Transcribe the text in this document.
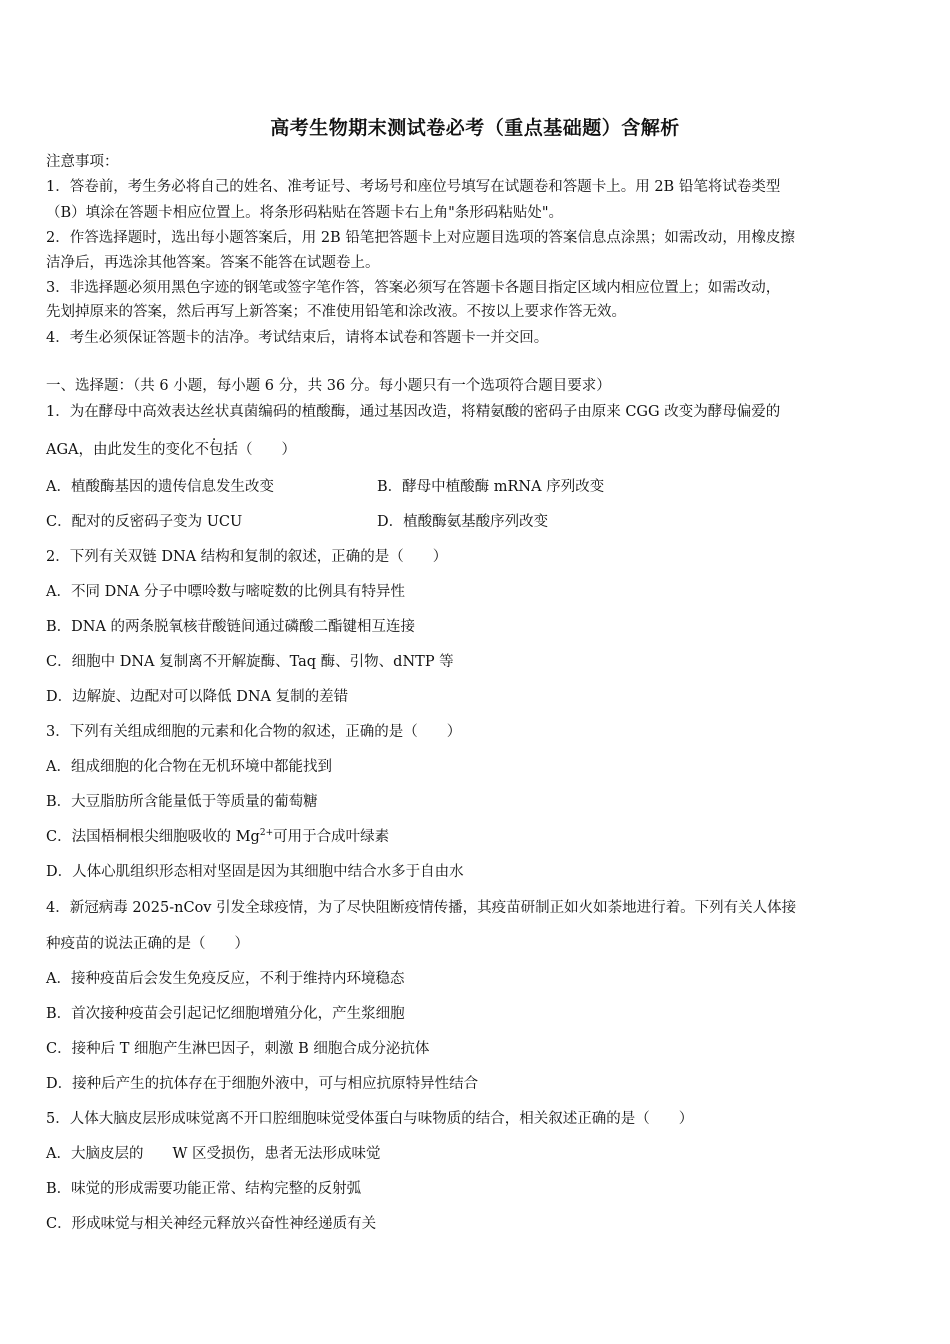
高考生物期末测试卷必考（重点基础题）含解析
注意事项：
1．答卷前，考生务必将自己的姓名、准考证号、考场号和座位号填写在试题卷和答题卡上。用 2B 铅笔将试卷类型
（B）填涂在答题卡相应位置上。将条形码粘贴在答题卡右上角"条形码粘贴处"。
2．作答选择题时，选出每小题答案后，用 2B 铅笔把答题卡上对应题目选项的答案信息点涂黑；如需改动，用橡皮擦
洁净后，再选涂其他答案。答案不能答在试题卷上。
3．非选择题必须用黑色字迹的钢笔或签字笔作答，答案必须写在答题卡各题目指定区域内相应位置上；如需改动，
先划掉原来的答案，然后再写上新答案；不准使用铅笔和涂改液。不按以上要求作答无效。
4．考生必须保证答题卡的洁净。考试结束后，请将本试卷和答题卡一并交回。
一、选择题：（共 6 小题，每小题 6 分，共 36 分。每小题只有一个选项符合题目要求）
1．为在酵母中高效表达丝状真菌编码的植酸酶，通过基因改造，将精氨酸的密码子由原来 CGG 改变为酵母偏爱的
AGA，由此发生的变化不包括（　　）
A．植酸酶基因的遗传信息发生改变	B．酵母中植酸酶 mRNA 序列改变
C．配对的反密码子变为 UCU	D．植酸酶氨基酸序列改变
2．下列有关双链 DNA 结构和复制的叙述，正确的是（　　）
A．不同 DNA 分子中嘌呤数与嘧啶数的比例具有特异性
B．DNA 的两条脱氧核苷酸链间通过磷酸二酯键相互连接
C．细胞中 DNA 复制离不开解旋酶、Taq 酶、引物、dNTP 等
D．边解旋、边配对可以降低 DNA 复制的差错
3．下列有关组成细胞的元素和化合物的叙述，正确的是（　　）
A．组成细胞的化合物在无机环境中都能找到
B．大豆脂肪所含能量低于等质量的葡萄糖
C．法国梧桐根尖细胞吸收的 $Mg^{2+}$可用于合成叶绿素
D．人体心肌组织形态相对坚固是因为其细胞中结合水多于自由水
4．新冠病毒 2025-nCov 引发全球疫情，为了尽快阻断疫情传播，其疫苗研制正如火如荼地进行着。下列有关人体接
种疫苗的说法正确的是（　　）
A．接种疫苗后会发生免疫反应，不利于维持内环境稳态
B．首次接种疫苗会引起记忆细胞增殖分化，产生浆细胞
C．接种后 T 细胞产生淋巴因子，刺激 B 细胞合成分泌抗体
D．接种后产生的抗体存在于细胞外液中，可与相应抗原特异性结合
5．人体大脑皮层形成味觉离不开口腔细胞味觉受体蛋白与味物质的结合，相关叙述正确的是（　　）
A．大脑皮层的　　W 区受损伤，患者无法形成味觉
B．味觉的形成需要功能正常、结构完整的反射弧
C．形成味觉与相关神经元释放兴奋性神经递质有关
